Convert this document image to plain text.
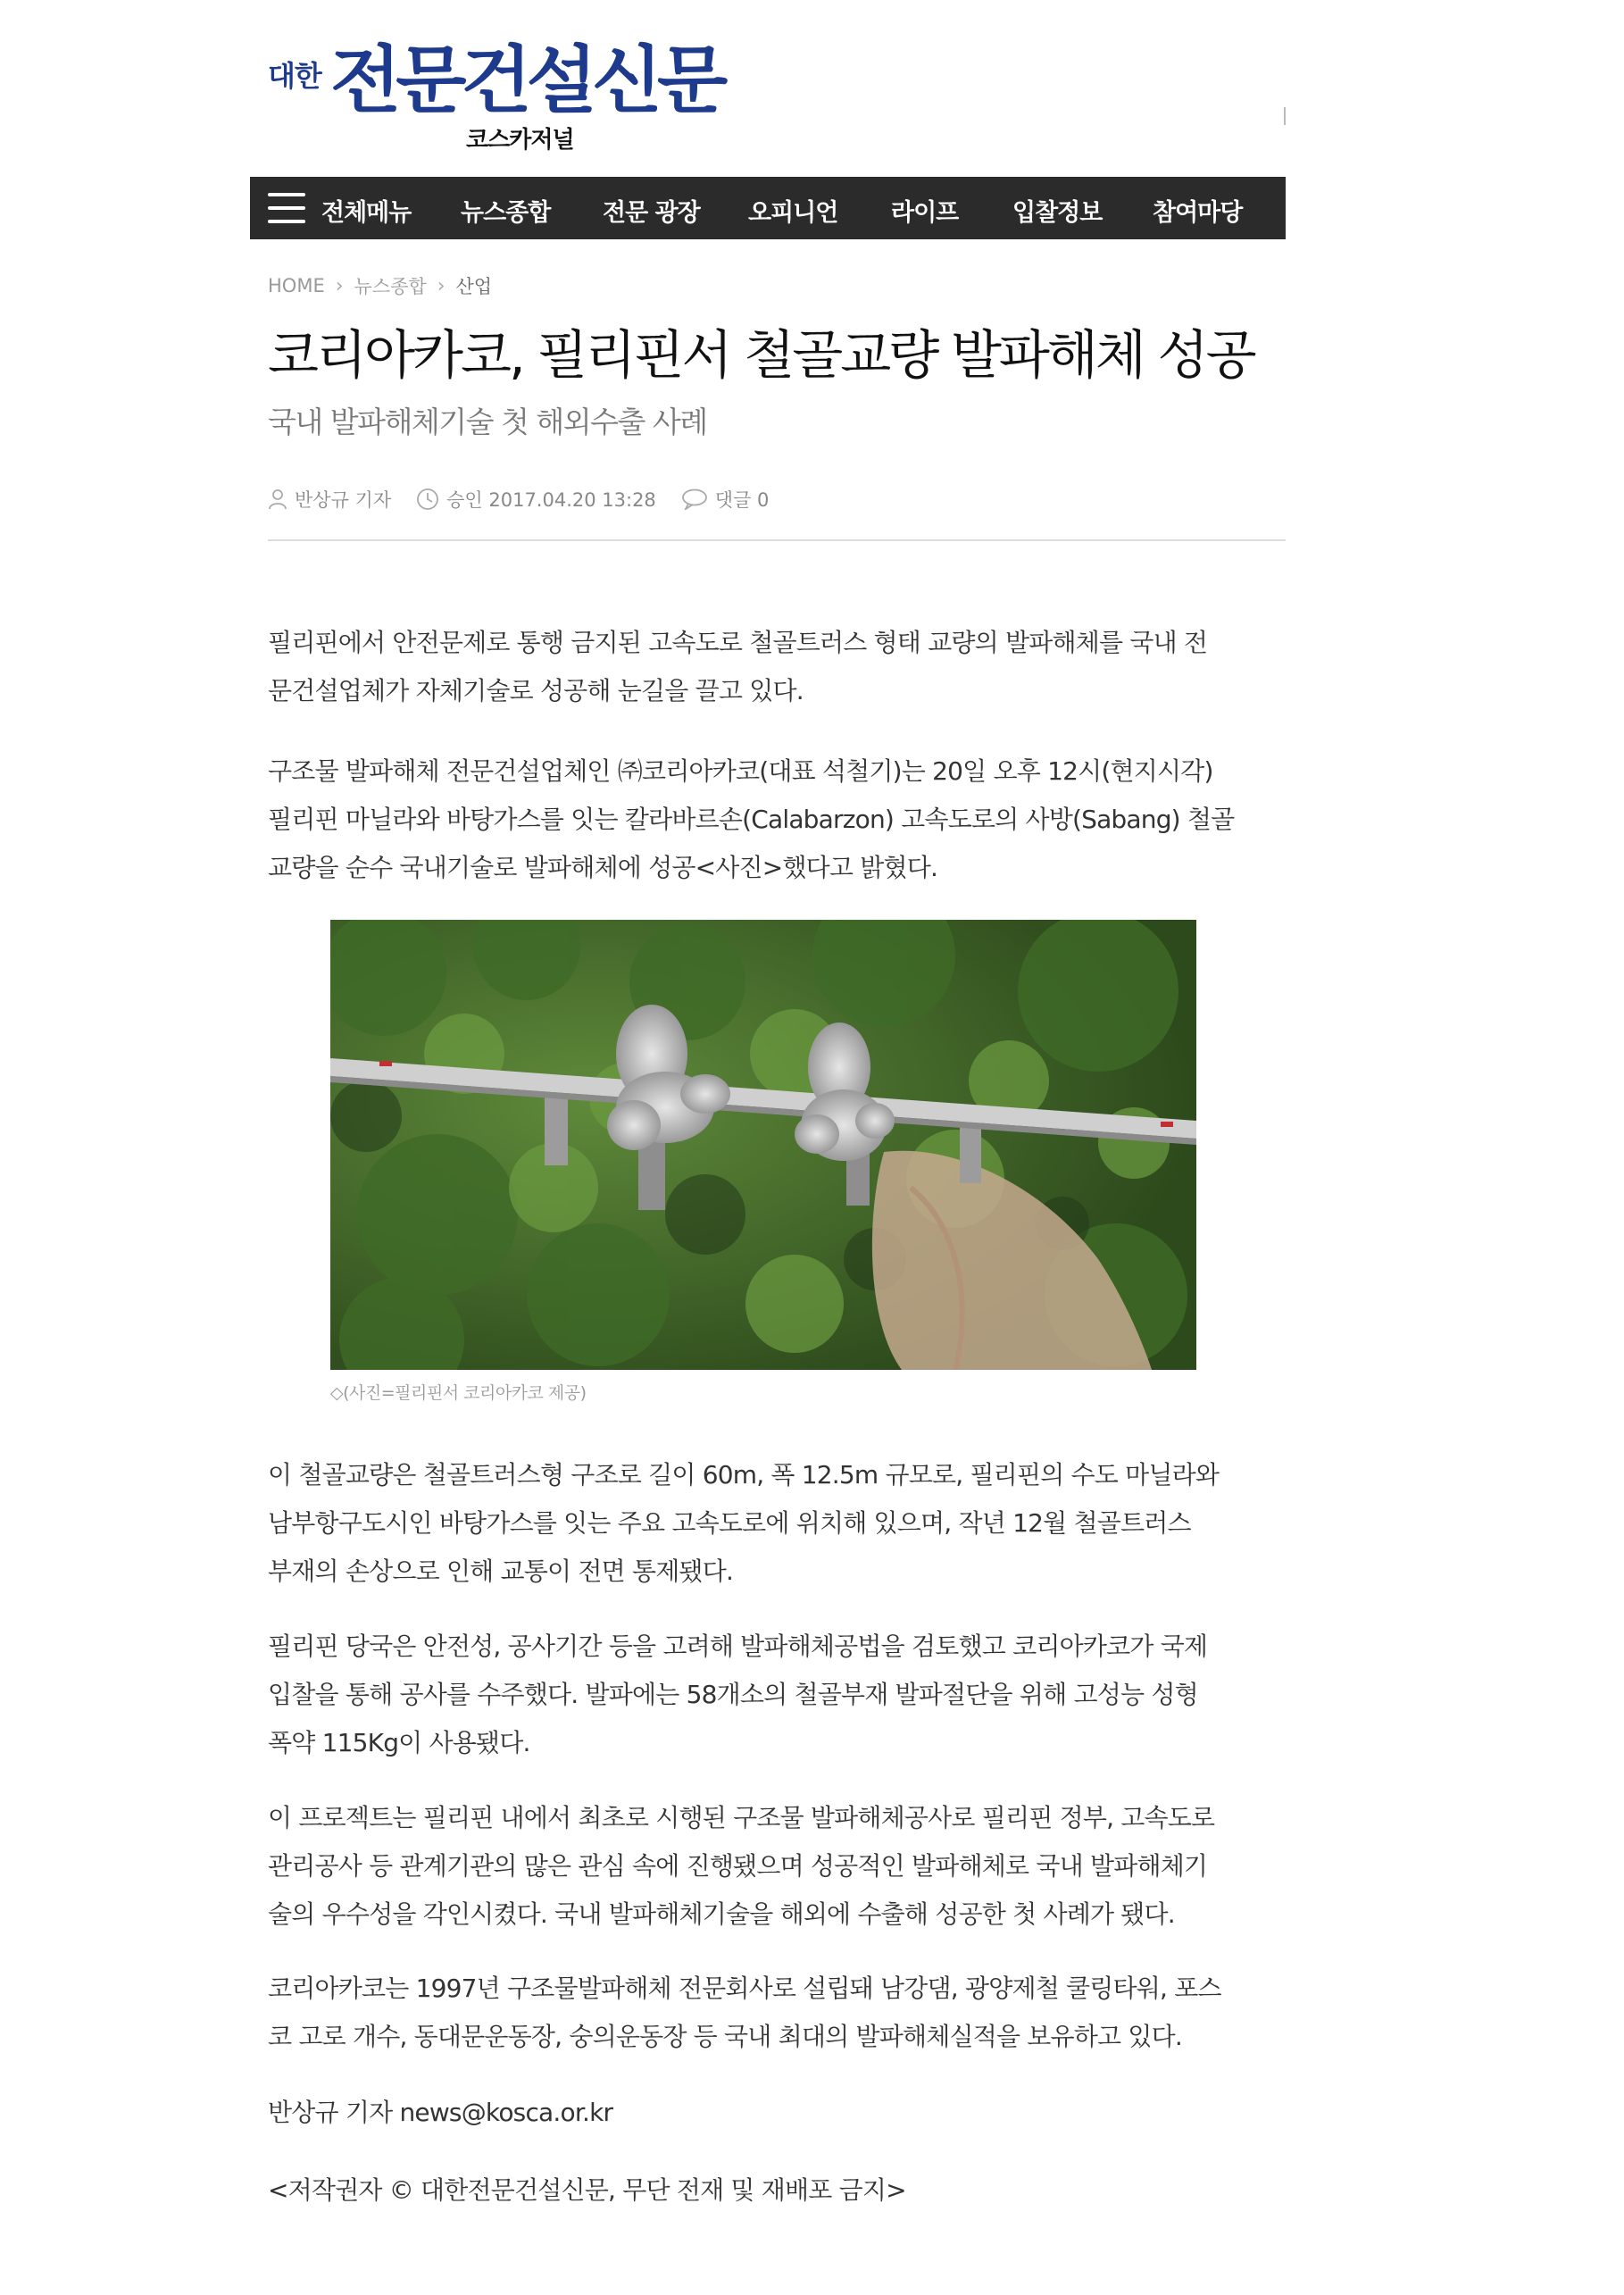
대한 전문건설신문
코스카저널
전체메뉴 뉴스종합 전문 광장 오피니언 라이프 입찰정보 참여마당
HOME › 뉴스종합 › 산업
코리아카코, 필리핀서 철골교량 발파해체 성공
국내 발파해체기술 첫 해외수출 사례
반상규 기자	승인 2017.04.20 13:28	댓글 0
필리핀에서 안전문제로 통행 금지된 고속도로 철골트러스 형태 교량의 발파해체를 국내 전
문건설업체가 자체기술로 성공해 눈길을 끌고 있다.
구조물 발파해체 전문건설업체인 ㈜코리아카코(대표 석철기)는 20일 오후 12시(현지시각)
필리핀 마닐라와 바탕가스를 잇는 칼라바르손(Calabarzon) 고속도로의 사방(Sabang) 철골
교량을 순수 국내기술로 발파해체에 성공<사진>했다고 밝혔다.
◇(사진=필리핀서 코리아카코 제공)
이 철골교량은 철골트러스형 구조로 길이 60m, 폭 12.5m 규모로, 필리핀의 수도 마닐라와
남부항구도시인 바탕가스를 잇는 주요 고속도로에 위치해 있으며, 작년 12월 철골트러스
부재의 손상으로 인해 교통이 전면 통제됐다.
필리핀 당국은 안전성, 공사기간 등을 고려해 발파해체공법을 검토했고 코리아카코가 국제
입찰을 통해 공사를 수주했다. 발파에는 58개소의 철골부재 발파절단을 위해 고성능 성형
폭약 115Kg이 사용됐다.
이 프로젝트는 필리핀 내에서 최초로 시행된 구조물 발파해체공사로 필리핀 정부, 고속도로
관리공사 등 관계기관의 많은 관심 속에 진행됐으며 성공적인 발파해체로 국내 발파해체기
술의 우수성을 각인시켰다. 국내 발파해체기술을 해외에 수출해 성공한 첫 사례가 됐다.
코리아카코는 1997년 구조물발파해체 전문회사로 설립돼 남강댐, 광양제철 쿨링타워, 포스
코 고로 개수, 동대문운동장, 숭의운동장 등 국내 최대의 발파해체실적을 보유하고 있다.
반상규 기자 news@kosca.or.kr
<저작권자 © 대한전문건설신문, 무단 전재 및 재배포 금지>
